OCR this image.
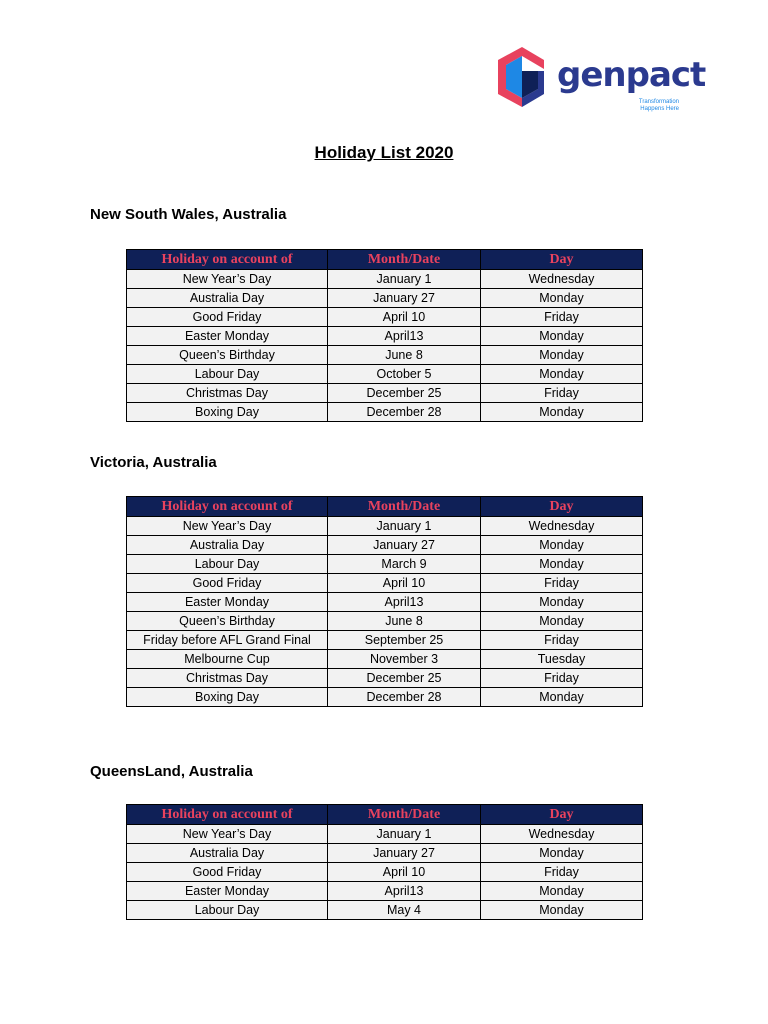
genpact
Transformation
Happens Here
Holiday List 2020
New South Wales, Australia
Holiday on account of	Month/Date	Day
New Year’s Day	January 1	Wednesday
Australia Day	January 27	Monday
Good Friday	April 10	Friday
Easter Monday	April13	Monday
Queen’s Birthday	June 8	Monday
Labour Day	October 5	Monday
Christmas Day	December 25	Friday
Boxing Day	December 28	Monday
Victoria, Australia
Holiday on account of	Month/Date	Day
New Year’s Day	January 1	Wednesday
Australia Day	January 27	Monday
Labour Day	March 9	Monday
Good Friday	April 10	Friday
Easter Monday	April13	Monday
Queen’s Birthday	June 8	Monday
Friday before AFL Grand Final	September 25	Friday
Melbourne Cup	November 3	Tuesday
Christmas Day	December 25	Friday
Boxing Day	December 28	Monday
QueensLand, Australia
Holiday on account of	Month/Date	Day
New Year’s Day	January 1	Wednesday
Australia Day	January 27	Monday
Good Friday	April 10	Friday
Easter Monday	April13	Monday
Labour Day	May 4	Monday
